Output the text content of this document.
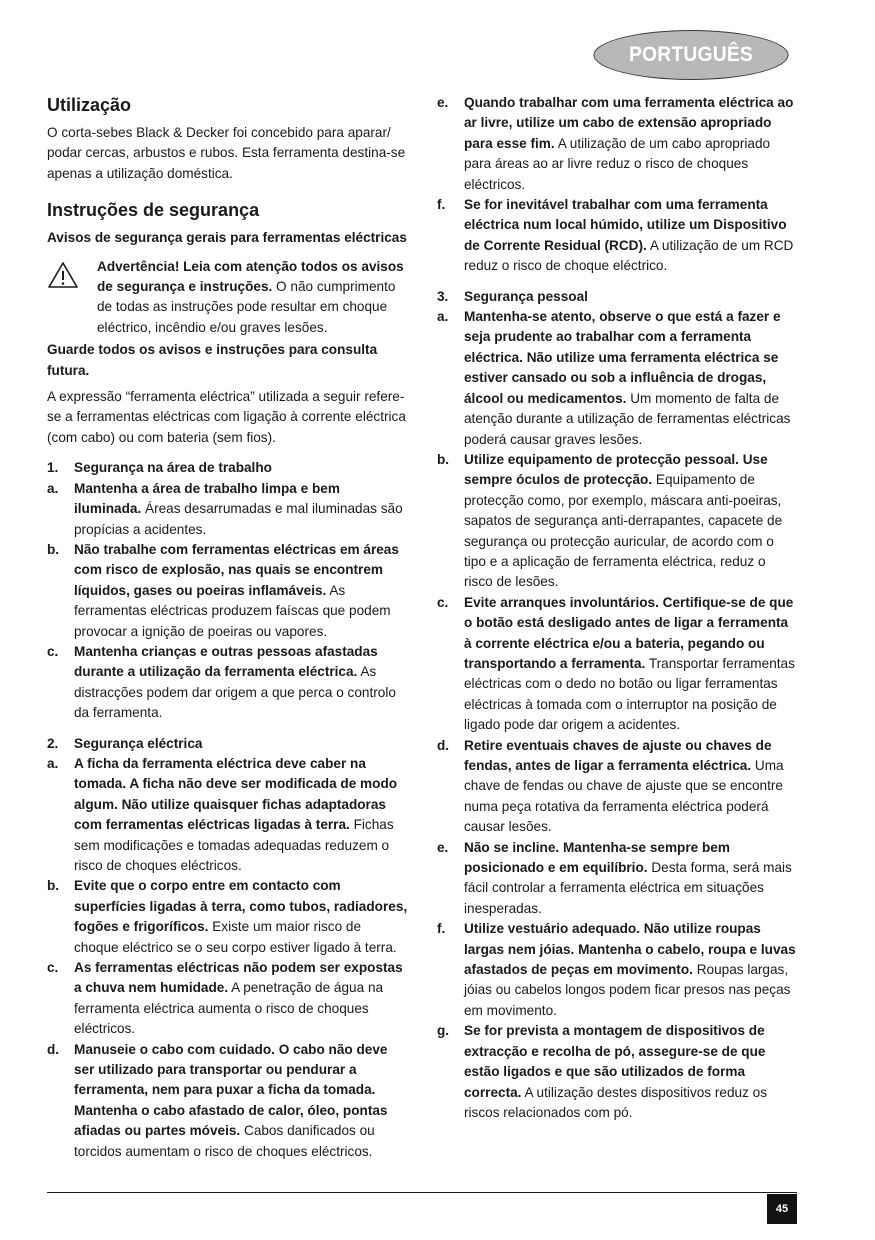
PORTUGUÊS
Utilização

O corta-sebes Black & Decker foi concebido para aparar/ podar cercas, arbustos e rubos. Esta ferramenta destina-se apenas a utilização doméstica.

Instruções de segurança
Avisos de segurança gerais para ferramentas eléctricas
Advertência! Leia com atenção todos os avisos de segurança e instruções. O não cumprimento de todas as instruções pode resultar em choque eléctrico, incêndio e/ou graves lesões.
Guarde todos os avisos e instruções para consulta futura.

A expressão “ferramenta eléctrica” utilizada a seguir refere-se a ferramentas eléctricas com ligação à corrente eléctrica (com cabo) ou com bateria (sem fios).

1.	Segurança na área de trabalho
a.	Mantenha a área de trabalho limpa e bem iluminada. Áreas desarrumadas e mal iluminadas são propícias a acidentes.
b.	Não trabalhe com ferramentas eléctricas em áreas com risco de explosão, nas quais se encontrem líquidos, gases ou poeiras inflamáveis. As ferramentas eléctricas produzem faíscas que podem provocar a ignição de poeiras ou vapores.
c.	Mantenha crianças e outras pessoas afastadas durante a utilização da ferramenta eléctrica. As distracções podem dar origem a que perca o controlo da ferramenta.
2.	Segurança eléctrica
a.	A ficha da ferramenta eléctrica deve caber na tomada. A ficha não deve ser modificada de modo algum. Não utilize quaisquer fichas adaptadoras com ferramentas eléctricas ligadas à terra. Fichas sem modificações e tomadas adequadas reduzem o risco de choques eléctricos.
b.	Evite que o corpo entre em contacto com superfícies ligadas à terra, como tubos, radiadores, fogões e frigoríficos. Existe um maior risco de choque eléctrico se o seu corpo estiver ligado à terra.
c.	As ferramentas eléctricas não podem ser expostas a chuva nem humidade. A penetração de água na ferramenta eléctrica aumenta o risco de choques eléctricos.
d.	Manuseie o cabo com cuidado. O cabo não deve ser utilizado para transportar ou pendurar a ferramenta, nem para puxar a ficha da tomada. Mantenha o cabo afastado de calor, óleo, pontas afiadas ou partes móveis. Cabos danificados ou torcidos aumentam o risco de choques eléctricos.
e.	Quando trabalhar com uma ferramenta eléctrica ao ar livre, utilize um cabo de extensão apropriado para esse fim. A utilização de um cabo apropriado para áreas ao ar livre reduz o risco de choques eléctricos.
f.	Se for inevitável trabalhar com uma ferramenta eléctrica num local húmido, utilize um Dispositivo de Corrente Residual (RCD). A utilização de um RCD reduz o risco de choque eléctrico.
3.	Segurança pessoal
a.	Mantenha-se atento, observe o que está a fazer e seja prudente ao trabalhar com a ferramenta eléctrica. Não utilize uma ferramenta eléctrica se estiver cansado ou sob a influência de drogas, álcool ou medicamentos. Um momento de falta de atenção durante a utilização de ferramentas eléctricas poderá causar graves lesões.
b.	Utilize equipamento de protecção pessoal. Use sempre óculos de protecção. Equipamento de protecção como, por exemplo, máscara anti-poeiras, sapatos de segurança anti-derrapantes, capacete de segurança ou protecção auricular, de acordo com o tipo e a aplicação de ferramenta eléctrica, reduz o risco de lesões.
c.	Evite arranques involuntários. Certifique-se de que o botão está desligado antes de ligar a ferramenta à corrente eléctrica e/ou a bateria, pegando ou transportando a ferramenta. Transportar ferramentas eléctricas com o dedo no botão ou ligar ferramentas eléctricas à tomada com o interruptor na posição de ligado pode dar origem a acidentes.
d.	Retire eventuais chaves de ajuste ou chaves de fendas, antes de ligar a ferramenta eléctrica. Uma chave de fendas ou chave de ajuste que se encontre numa peça rotativa da ferramenta eléctrica poderá causar lesões.
e.	Não se incline. Mantenha-se sempre bem posicionado e em equilíbrio. Desta forma, será mais fácil controlar a ferramenta eléctrica em situações inesperadas.
f.	Utilize vestuário adequado. Não utilize roupas largas nem jóias. Mantenha o cabelo, roupa e luvas afastados de peças em movimento. Roupas largas, jóias ou cabelos longos podem ficar presos nas peças em movimento.
g.	Se for prevista a montagem de dispositivos de extracção e recolha de pó, assegure-se de que estão ligados e que são utilizados de forma correcta. A utilização destes dispositivos reduz os riscos relacionados com pó.
45
